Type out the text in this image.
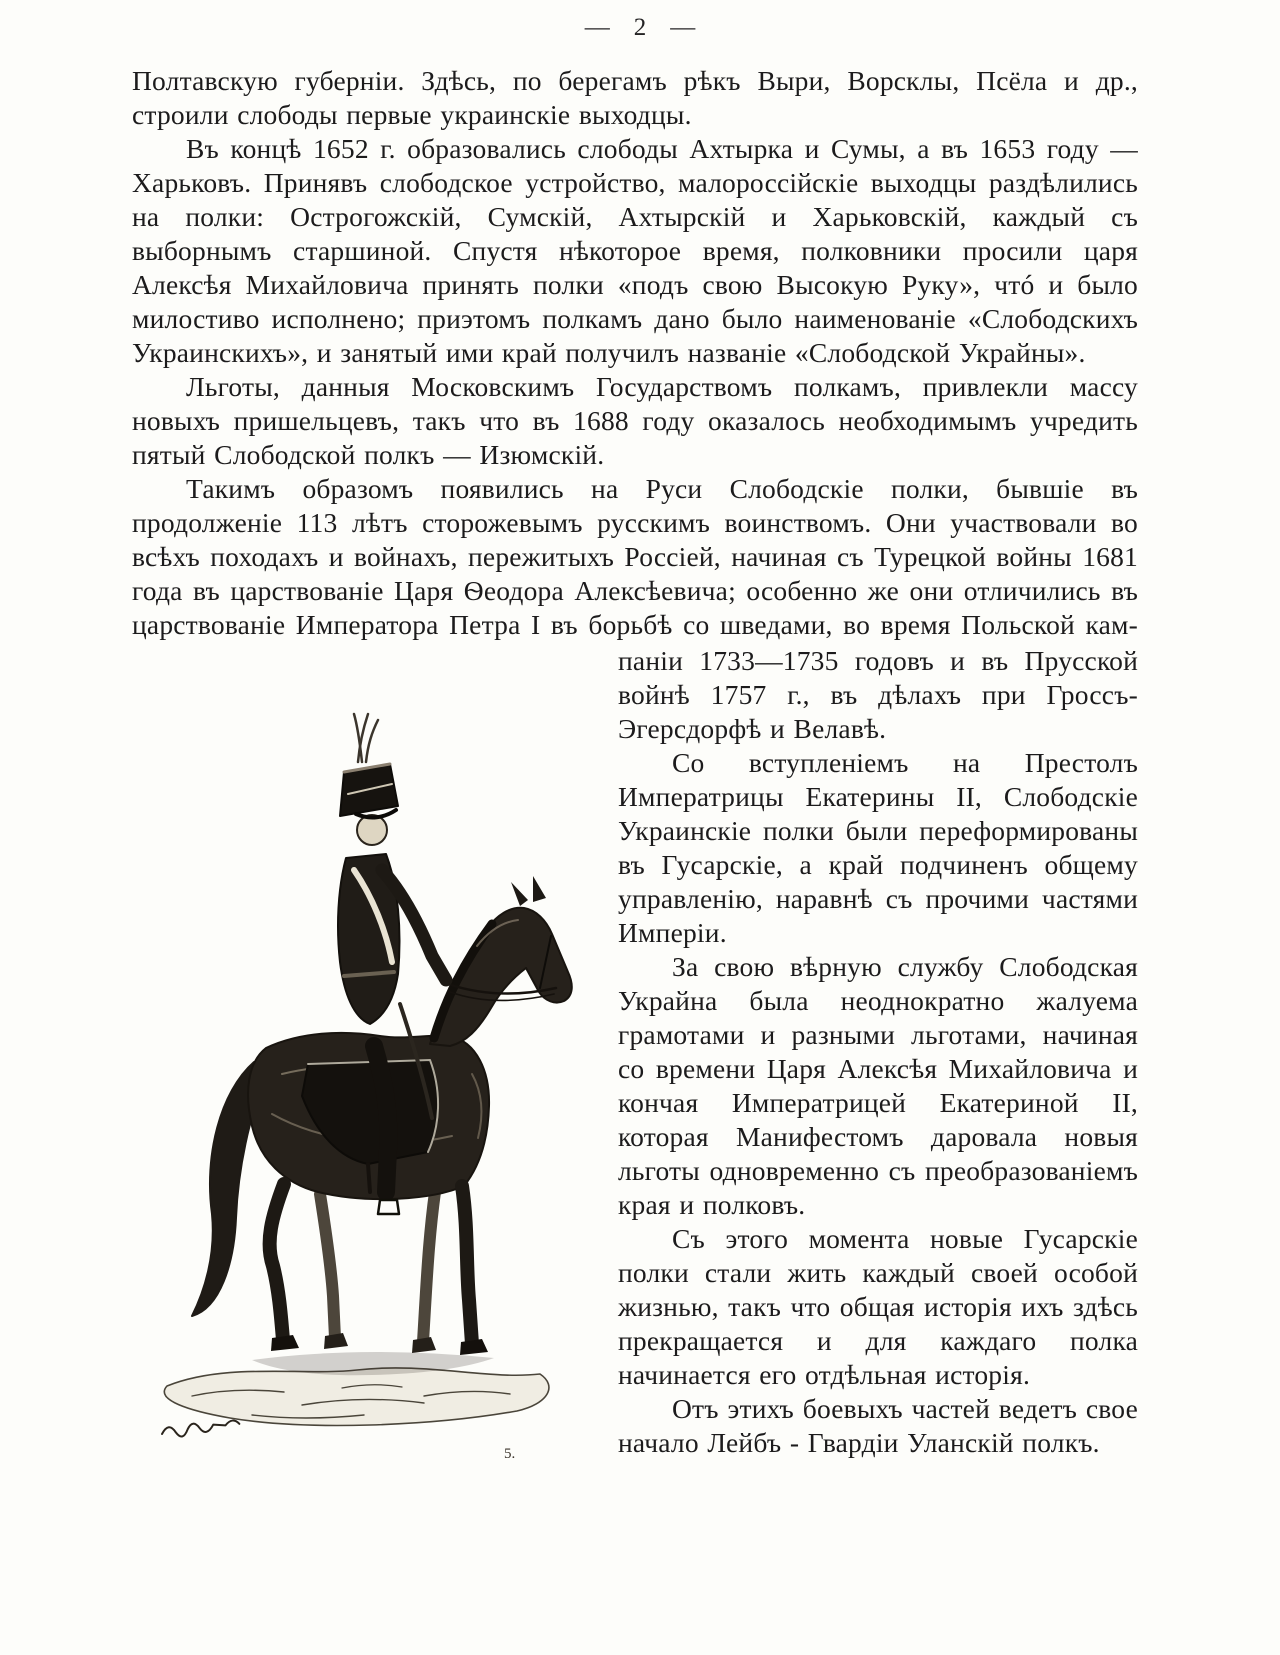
— 2 —

Полтавскую губерніи. Здѣсь, по берегамъ рѣкъ Выри, Ворсклы, Псёла и др., строили слободы первые украинскіе выходцы.

Въ концѣ 1652 г. образовались слободы Ахтырка и Сумы, а въ 1653 году — Харьковъ. Принявъ слободское устройство, малороссійскіе выходцы раздѣлились на полки: Острогожскій, Сумскій, Ахтырскій и Харьковскій, каждый съ выборнымъ старшиной. Спустя нѣкоторое время, полковники просили царя Алексѣя Михайловича принять полки «подъ свою Высокую Руку», чтó и было милостиво исполнено; приэтомъ полкамъ дано было наименованіе «Слободскихъ Украинскихъ», и занятый ими край получилъ названіе «Слободской Украйны».

Льготы, данныя Московскимъ Государствомъ полкамъ, привлекли массу новыхъ пришельцевъ, такъ что въ 1688 году оказалось необходимымъ учредить пятый Слободской полкъ — Изюмскій.

Такимъ образомъ появились на Руси Слободскіе полки, бывшіе въ продолженіе 113 лѣтъ сторожевымъ русскимъ воинствомъ. Они участвовали во всѣхъ походахъ и войнахъ, пережитыхъ Россіей, начиная съ Турецкой войны 1681 года въ царствованіе Царя Ѳеодора Алексѣевича; особенно же они отличились въ царствованіе Императора Петра I въ борьбѣ со шведами, во время Польской кам-

5.

паніи 1733—1735 годовъ и въ Прусской войнѣ 1757 г., въ дѣлахъ при Гроссъ-Эгерсдорфѣ и Велавѣ.

Со вступленіемъ на Престолъ Императрицы Екатерины II, Слободскіе Украинскіе полки были переформированы въ Гусарскіе, а край подчиненъ общему управленію, наравнѣ съ прочими частями Имперіи.

За свою вѣрную службу Слободская Украйна была неоднократно жалуема грамотами и разными льготами, начиная со времени Царя Алексѣя Михайловича и кончая Императрицей Екатериной II, которая Манифестомъ даровала новыя льготы одновременно съ преобразованіемъ края и полковъ.

Съ этого момента новые Гусарскіе полки стали жить каждый своей особой жизнью, такъ что общая исторія ихъ здѣсь прекращается и для каждаго полка начинается его отдѣльная исторія.

Отъ этихъ боевыхъ частей ведетъ свое начало Лейбъ - Гвардіи Уланскій полкъ.
